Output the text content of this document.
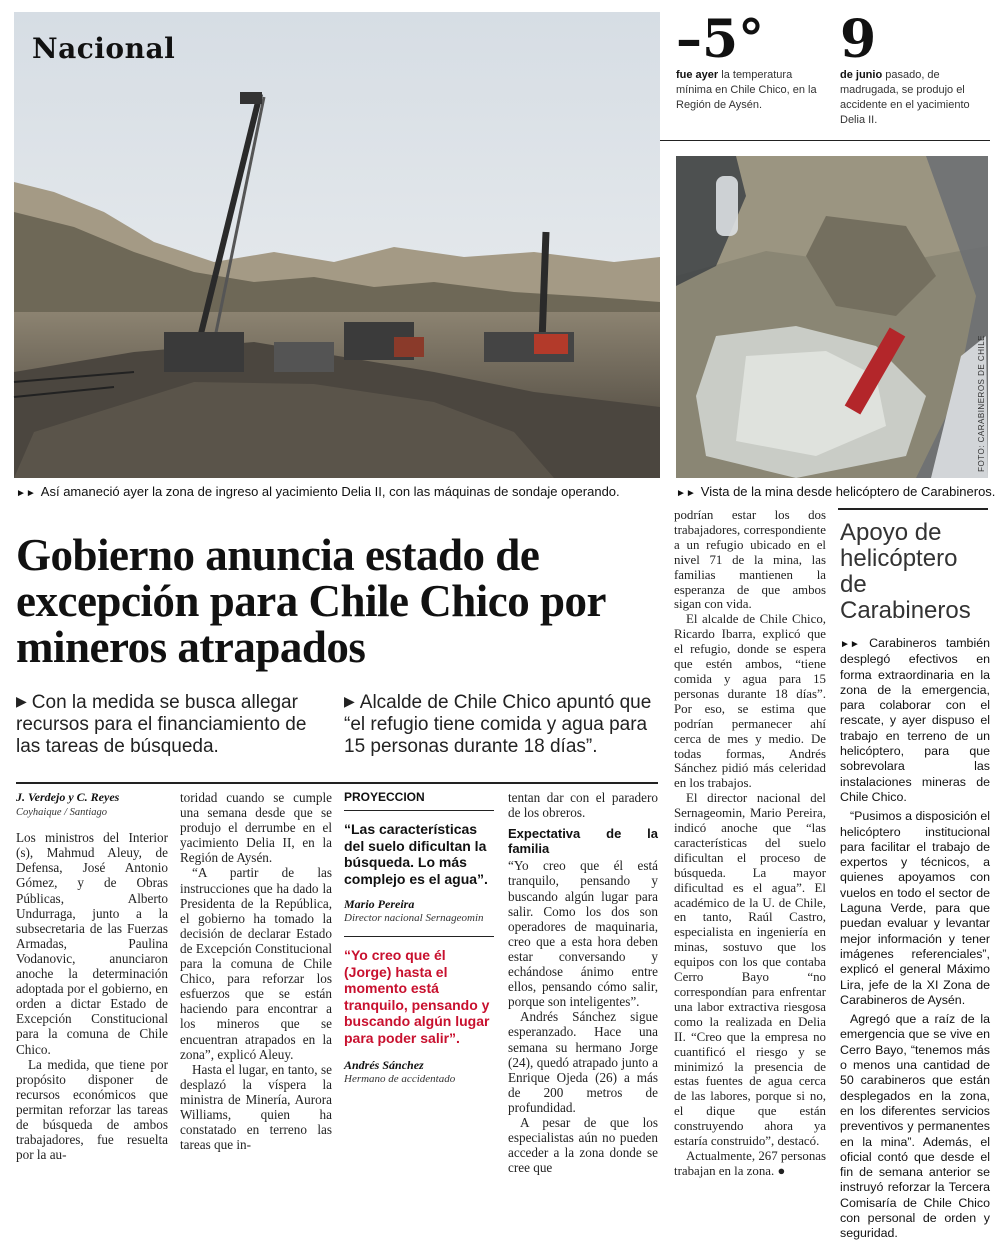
Nacional
►► Así amaneció ayer la zona de ingreso al yacimiento Delia II, con las máquinas de sondaje operando.
–5°
fue ayer la temperatura mínima en Chile Chico, en la Región de Aysén.
9
de junio pasado, de madrugada, se produjo el accidente en el yacimiento Delia II.
FOTO: CARABINEROS DE CHILE
►► Vista de la mina desde helicóptero de Carabineros.
Gobierno anuncia estado de excepción para Chile Chico por mineros atrapados
▶ Con la medida se busca allegar recursos para el financiamiento de las tareas de búsqueda.
▶ Alcalde de Chile Chico apuntó que “el refugio tiene comida y agua para 15 personas durante 18 días”.
J. Verdejo y C. Reyes
Coyhaique / Santiago

Los ministros del Interior (s), Mahmud Aleuy, de Defensa, José Antonio Gómez, y de Obras Públicas, Alberto Undurraga, junto a la subsecretaria de las Fuerzas Armadas, Paulina Vodanovic, anunciaron anoche la determinación adoptada por el gobierno, en orden a dictar Estado de Excepción Constitucional para la comuna de Chile Chico.

La medida, que tiene por propósito disponer de recursos económicos que permitan reforzar las tareas de búsqueda de ambos trabajadores, fue resuelta por la au-

toridad cuando se cumple una semana desde que se produjo el derrumbe en el yacimiento Delia II, en la Región de Aysén.

“A partir de las instrucciones que ha dado la Presidenta de la República, el gobierno ha tomado la decisión de declarar Estado de Excepción Constitucional para la comuna de Chile Chico, para reforzar los esfuerzos que se están haciendo para encontrar a los mineros que se encuentran atrapados en la zona”, explicó Aleuy.

Hasta el lugar, en tanto, se desplazó la víspera la ministra de Minería, Aurora Williams, quien ha constatado en terreno las tareas que in-

PROYECCION
“Las características del suelo dificultan la búsqueda. Lo más complejo es el agua”.
Mario Pereira
Director nacional Sernageomin
“Yo creo que él (Jorge) hasta el momento está tranquilo, pensando y buscando algún lugar para poder salir”.
Andrés Sánchez
Hermano de accidentado

tentan dar con el paradero de los obreros.

Expectativa de la familia

“Yo creo que él está tranquilo, pensando y buscando algún lugar para salir. Como los dos son operadores de maquinaria, creo que a esta hora deben estar conversando y echándose ánimo entre ellos, pensando cómo salir, porque son inteligentes”.

Andrés Sánchez sigue esperanzado. Hace una semana su hermano Jorge (24), quedó atrapado junto a Enrique Ojeda (26) a más de 200 metros de profundidad.

A pesar de que los especialistas aún no pueden acceder a la zona donde se cree que

podrían estar los dos trabajadores, correspondiente a un refugio ubicado en el nivel 71 de la mina, las familias mantienen la esperanza de que ambos sigan con vida.

El alcalde de Chile Chico, Ricardo Ibarra, explicó que el refugio, donde se espera que estén ambos, “tiene comida y agua para 15 personas durante 18 días”. Por eso, se estima que podrían permanecer ahí cerca de mes y medio. De todas formas, Andrés Sánchez pidió más celeridad en los trabajos.

El director nacional del Sernageomin, Mario Pereira, indicó anoche que “las características del suelo dificultan el proceso de búsqueda. La mayor dificultad es el agua”. El académico de la U. de Chile, en tanto, Raúl Castro, especialista en ingeniería en minas, sostuvo que los equipos con los que contaba Cerro Bayo “no correspondían para enfrentar una labor extractiva riesgosa como la realizada en Delia II. “Creo que la empresa no cuantificó el riesgo y se minimizó la presencia de estas fuentes de agua cerca de las labores, porque si no, el dique que están construyendo ahora ya estaría construido”, destacó.

Actualmente, 267 personas trabajan en la zona. ●

Apoyo de helicóptero de Carabineros

►► Carabineros también desplegó efectivos en forma extraordinaria en la zona de la emergencia, para colaborar con el rescate, y ayer dispuso el trabajo en terreno de un helicóptero, para que sobrevolara las instalaciones mineras de Chile Chico.

“Pusimos a disposición el helicóptero institucional para facilitar el trabajo de expertos y técnicos, a quienes apoyamos con vuelos en todo el sector de Laguna Verde, para que puedan evaluar y levantar mejor información y tener imágenes referenciales”, explicó el general Máximo Lira, jefe de la XI Zona de Carabineros de Aysén.

Agregó que a raíz de la emergencia que se vive en Cerro Bayo, “tenemos más o menos una cantidad de 50 carabineros que están desplegados en la zona, en los diferentes servicios preventivos y permanentes en la mina”. Además, el oficial contó que desde el fin de semana anterior se instruyó reforzar la Tercera Comisaría de Chile Chico con personal de orden y seguridad.
